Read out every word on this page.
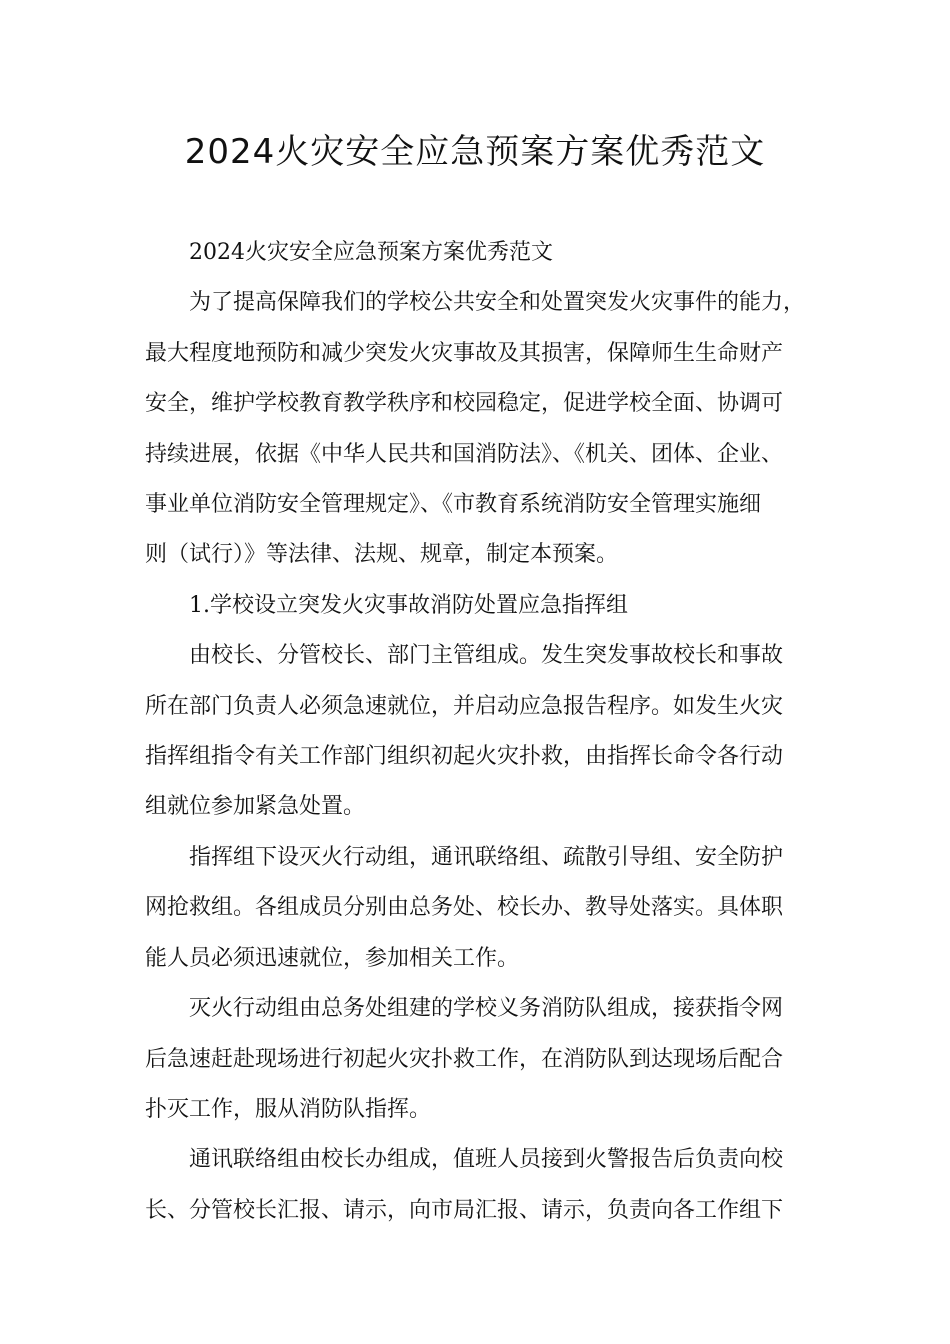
2024火灾安全应急预案方案优秀范文

2024火灾安全应急预案方案优秀范文

为了提高保障我们的学校公共安全和处置突发火灾事件的能力，
最大程度地预防和减少突发火灾事故及其损害，保障师生生命财产
安全，维护学校教育教学秩序和校园稳定，促进学校全面、协调可
持续进展，依据《中华人民共和国消防法》、《机关、团体、企业、
事业单位消防安全管理规定》、《市教育系统消防安全管理实施细
则（试行）》等法律、法规、规章，制定本预案。

1.学校设立突发火灾事故消防处置应急指挥组

由校长、分管校长、部门主管组成。发生突发事故校长和事故
所在部门负责人必须急速就位，并启动应急报告程序。如发生火灾
指挥组指令有关工作部门组织初起火灾扑救，由指挥长命令各行动
组就位参加紧急处置。

指挥组下设灭火行动组，通讯联络组、疏散引导组、安全防护
网抢救组。各组成员分别由总务处、校长办、教导处落实。具体职
能人员必须迅速就位，参加相关工作。

灭火行动组由总务处组建的学校义务消防队组成，接获指令网
后急速赶赴现场进行初起火灾扑救工作，在消防队到达现场后配合
扑灭工作，服从消防队指挥。

通讯联络组由校长办组成，值班人员接到火警报告后负责向校
长、分管校长汇报、请示，向市局汇报、请示，负责向各工作组下
